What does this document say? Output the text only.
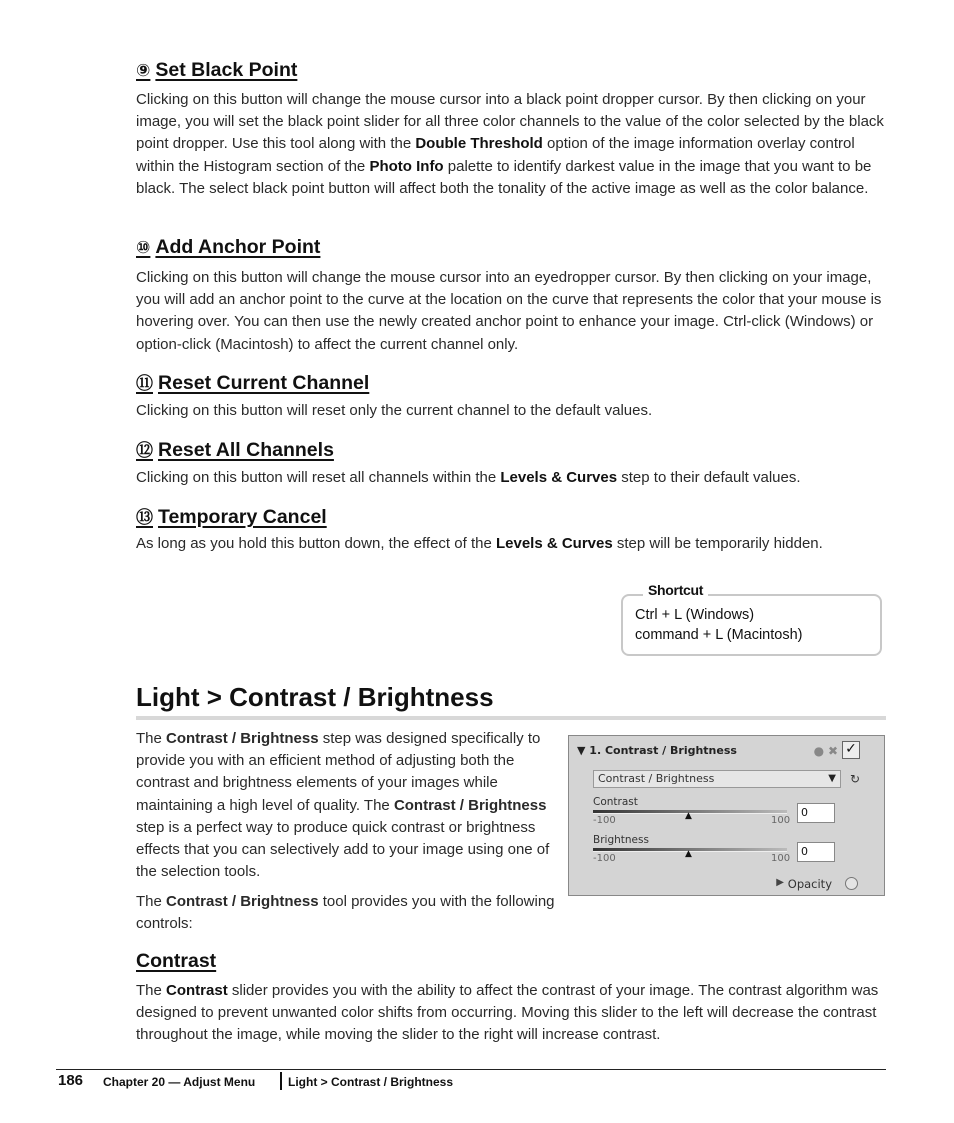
⑨ Set Black Point
Clicking on this button will change the mouse cursor into a black point dropper cursor. By then clicking on your image, you will set the black point slider for all three color channels to the value of the color selected by the black point dropper. Use this tool along with the Double Threshold option of the image information overlay control within the Histogram section of the Photo Info palette to identify darkest value in the image that you want to be black. The select black point button will affect both the tonality of the active image as well as the color balance.
⑩ Add Anchor Point
Clicking on this button will change the mouse cursor into an eyedropper cursor. By then clicking on your image, you will add an anchor point to the curve at the location on the curve that represents the color that your mouse is hovering over. You can then use the newly created anchor point to enhance your image. Ctrl-click (Windows) or option-click (Macintosh) to affect the current channel only.
⑪ Reset Current Channel
Clicking on this button will reset only the current channel to the default values.
⑫ Reset All Channels
Clicking on this button will reset all channels within the Levels & Curves step to their default values.
⑬ Temporary Cancel
As long as you hold this button down, the effect of the Levels & Curves step will be temporarily hidden.
Shortcut
Ctrl + L (Windows)
command + L (Macintosh)
Light > Contrast / Brightness
The Contrast / Brightness step was designed specifically to provide you with an efficient method of adjusting both the contrast and brightness elements of your images while maintaining a high level of quality. The Contrast / Brightness step is a perfect way to produce quick contrast or brightness effects that you can selectively add to your image using one of the selection tools.
The Contrast / Brightness tool provides you with the following controls:
▼ 1. Contrast / Brightness	● ✖ ✓
Contrast / Brightness	▼ ↻
Contrast
▲
-100	100
0
Brightness
▲
-100	100
0
▶ Opacity
Contrast
The Contrast slider provides you with the ability to affect the contrast of your image. The contrast algorithm was designed to prevent unwanted color shifts from occurring. Moving this slider to the left will decrease the contrast throughout the image, while moving the slider to the right will increase contrast.
186 Chapter 20 — Adjust Menu	Light > Contrast / Brightness
